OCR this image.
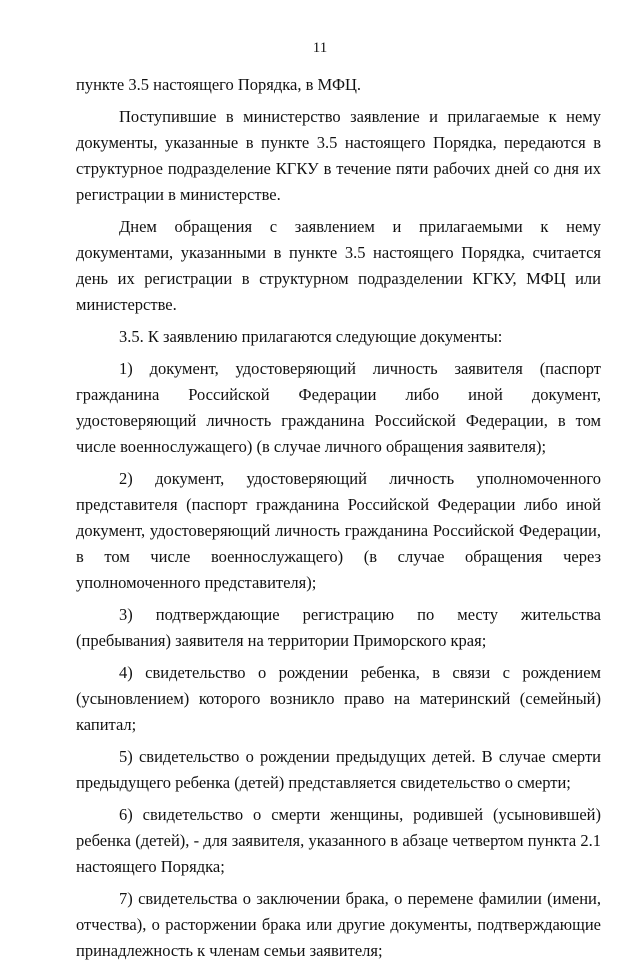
11

пункте 3.5 настоящего Порядка, в МФЦ.

Поступившие в министерство заявление и прилагаемые к нему документы, указанные в пункте 3.5 настоящего Порядка, передаются в структурное подразделение КГКУ в течение пяти рабочих дней со дня их регистрации в министерстве.

Днем обращения с заявлением и прилагаемыми к нему документами, указанными в пункте 3.5 настоящего Порядка, считается день их регистрации в структурном подразделении КГКУ, МФЦ или министерстве.

3.5. К заявлению прилагаются следующие документы:

1) документ, удостоверяющий личность заявителя (паспорт гражданина Российской Федерации либо иной документ, удостоверяющий личность гражданина Российской Федерации, в том числе военнослужащего) (в случае личного обращения заявителя);

2) документ, удостоверяющий личность уполномоченного представителя (паспорт гражданина Российской Федерации либо иной документ, удостоверяющий личность гражданина Российской Федерации, в том числе военнослужащего) (в случае обращения через уполномоченного представителя);

3) подтверждающие регистрацию по месту жительства (пребывания) заявителя на территории Приморского края;

4) свидетельство о рождении ребенка, в связи с рождением (усыновлением) которого возникло право на материнский (семейный) капитал;

5) свидетельство о рождении предыдущих детей. В случае смерти предыдущего ребенка (детей) представляется свидетельство о смерти;

6) свидетельство о смерти женщины, родившей (усыновившей) ребенка (детей), - для заявителя, указанного в абзаце четвертом пункта 2.1 настоящего Порядка;

7) свидетельства о заключении брака, о перемене фамилии (имени, отчества), о расторжении брака или другие документы, подтверждающие принадлежность к членам семьи заявителя;
